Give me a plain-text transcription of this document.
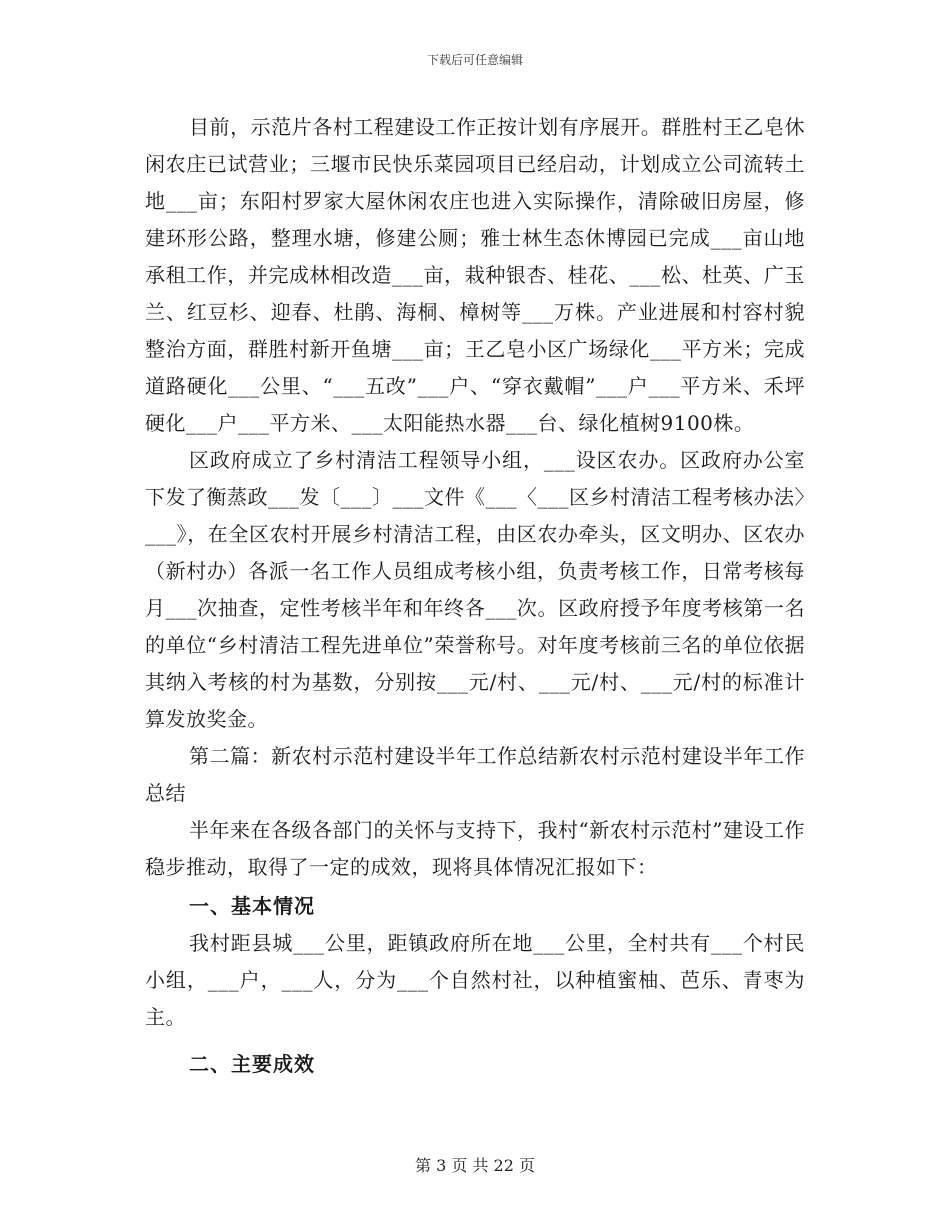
下载后可任意编辑

目前，示范片各村工程建设工作正按计划有序展开。群胜村王乙皂休闲农庄已试营业；三堰市民快乐菜园项目已经启动，计划成立公司流转土地___亩；东阳村罗家大屋休闲农庄也进入实际操作，清除破旧房屋，修建环形公路，整理水塘，修建公厕；雅士林生态休博园已完成___亩山地承租工作，并完成林相改造___亩，栽种银杏、桂花、___松、杜英、广玉兰、红豆杉、迎春、杜鹃、海桐、樟树等___万株。产业进展和村容村貌整治方面，群胜村新开鱼塘___亩；王乙皂小区广场绿化___平方米；完成道路硬化___公里、“___五改”___户、“穿衣戴帽”___户___平方米、禾坪硬化___户___平方米、___太阳能热水器___台、绿化植树9100株。

区政府成立了乡村清洁工程领导小组，___设区农办。区政府办公室下发了衡蒸政___发〔___〕___文件《___〈___区乡村清洁工程考核办法〉___》，在全区农村开展乡村清洁工程，由区农办牵头，区文明办、区农办（新村办）各派一名工作人员组成考核小组，负责考核工作，日常考核每月___次抽查，定性考核半年和年终各___次。区政府授予年度考核第一名的单位“乡村清洁工程先进单位”荣誉称号。对年度考核前三名的单位依据其纳入考核的村为基数，分别按___元/村、___元/村、___元/村的标准计算发放奖金。

第二篇：新农村示范村建设半年工作总结新农村示范村建设半年工作总结

半年来在各级各部门的关怀与支持下，我村“新农村示范村”建设工作稳步推动，取得了一定的成效，现将具体情况汇报如下：

一、基本情况

我村距县城___公里，距镇政府所在地___公里，全村共有___个村民小组，___户，___人，分为___个自然村社，以种植蜜柚、芭乐、青枣为主。

二、主要成效

第 3 页 共 22 页
